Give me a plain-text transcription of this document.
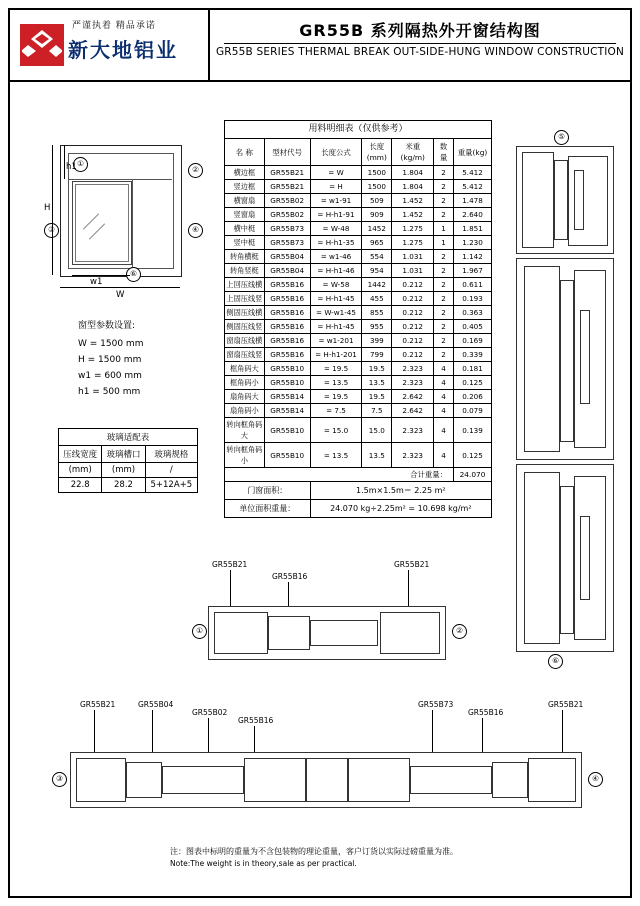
严谨执着 精品承诺
新大地铝业
GR55B 系列隔热外开窗结构图
GR55B SERIES THERMAL BREAK OUT-SIDE-HUNG WINDOW CONSTRUCTION
①
②
③	④
⑥
H
h1
W
w1
窗型参数设置:
W = 1500 mm
H = 1500 mm
w1 = 600 mm
h1 = 500 mm
玻璃适配表		
压线宽度	玻璃槽口	玻璃规格
(mm)	(mm)	/
22.8	28.2	5+12A+5
用料明细表（仅供参考）						
名 称	型材代号	长度公式	长度(mm)	米重(kg/m)	数 量	重量(kg)
横边框	GR55B21	= W	1500	1.804	2	5.412
竖边框	GR55B21	= H	1500	1.804	2	5.412
横窗扇	GR55B02	= w1-91	509	1.452	2	1.478
竖窗扇	GR55B02	= H-h1-91	909	1.452	2	2.640
横中梃	GR55B73	= W-48	1452	1.275	1	1.851
竖中梃	GR55B73	= H-h1-35	965	1.275	1	1.230
转角横梃	GR55B04	= w1-46	554	1.031	2	1.142
转角竖梃	GR55B04	= H-h1-46	954	1.031	2	1.967
上回压线横	GR55B16	= W-58	1442	0.212	2	0.611
上固压线竖	GR55B16	= H-h1-45	455	0.212	2	0.193
侧固压线横	GR55B16	= W-w1-45	855	0.212	2	0.363
侧固压线竖	GR55B16	= H-h1-45	955	0.212	2	0.405
窗扇压线横	GR55B16	= w1-201	399	0.212	2	0.169
窗扇压线竖	GR55B16	= H-h1-201	799	0.212	2	0.339
框角码大	GR55B10	= 19.5	19.5	2.323	4	0.181
框角码小	GR55B10	= 13.5	13.5	2.323	4	0.125
扇角码大	GR55B14	= 19.5	19.5	2.642	4	0.206
扇角码小	GR55B14	= 7.5	7.5	2.642	4	0.079
转向框角码大	GR55B10	= 15.0	15.0	2.323	4	0.139
转向框角码小	GR55B10	= 13.5	13.5	2.323	4	0.125
合计重量：						24.070
门窗面积：		1.5m×1.5m＝ 2.25 m²				
单位面积重量：		24.070 kg÷2.25m² = 10.698 kg/m²				
⑤
⑥
GR55B21
GR55B16
GR55B21
①	②
GR55B21	GR55B04
GR55B02
GR55B16
GR55B73
GR55B16
GR55B21
③	④
注：图表中标明的重量为不含包装物的理论重量，客户订货以实际过磅重量为准。
Note:The weight is in theory,sale as per practical.
